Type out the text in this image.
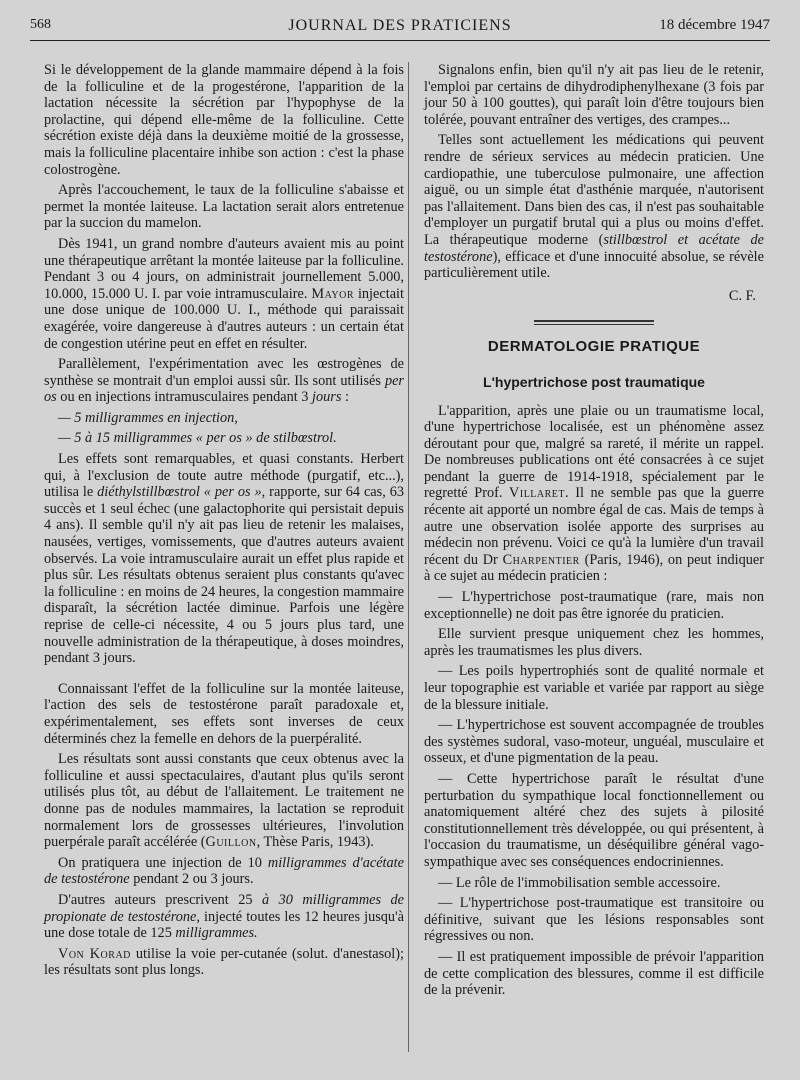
568	JOURNAL DES PRATICIENS	18 décembre 1947

Si le développement de la glande mammaire dépend à la fois de la folliculine et de la progestérone, l'apparition de la lactation nécessite la sécrétion par l'hypophyse de la prolactine, qui dépend elle-même de la folliculine. Cette sécrétion existe déjà dans la deuxième moitié de la grossesse, mais la folliculine placentaire inhibe son action : c'est la phase colostrogène.

Après l'accouchement, le taux de la folliculine s'abaisse et permet la montée laiteuse. La lactation serait alors entretenue par la succion du mamelon.

Dès 1941, un grand nombre d'auteurs avaient mis au point une thérapeutique arrêtant la montée laiteuse par la folliculine. Pendant 3 ou 4 jours, on administrait journellement 5.000, 10.000, 15.000 U. I. par voie intramusculaire. Mayor injectait une dose unique de 100.000 U. I., méthode qui paraissait exagérée, voire dangereuse à d'autres auteurs : un certain état de congestion utérine peut en effet en résulter.

Parallèlement, l'expérimentation avec les œstrogènes de synthèse se montrait d'un emploi aussi sûr. Ils sont utilisés per os ou en injections intramusculaires pendant 3 jours :

— 5 milligrammes en injection,

— 5 à 15 milligrammes « per os » de stilbœstrol.

Les effets sont remarquables, et quasi constants. Herbert qui, à l'exclusion de toute autre méthode (purgatif, etc...), utilisa le diéthylstillbœstrol « per os », rapporte, sur 64 cas, 63 succès et 1 seul échec (une galactophorite qui persistait depuis 4 ans). Il semble qu'il n'y ait pas lieu de retenir les malaises, nausées, vertiges, vomissements, que d'autres auteurs avaient observés. La voie intramusculaire aurait un effet plus rapide et plus sûr. Les résultats obtenus seraient plus constants qu'avec la folliculine : en moins de 24 heures, la congestion mammaire disparaît, la sécrétion lactée diminue. Parfois une légère reprise de celle-ci nécessite, 4 ou 5 jours plus tard, une nouvelle administration de la thérapeutique, à doses moindres, pendant 3 jours.

Connaissant l'effet de la folliculine sur la montée laiteuse, l'action des sels de testostérone paraît paradoxale et, expérimentalement, ses effets sont inverses de ceux déterminés chez la femelle en dehors de la puerpéralité.

Les résultats sont aussi constants que ceux obtenus avec la folliculine et aussi spectaculaires, d'autant plus qu'ils seront utilisés plus tôt, au début de l'allaitement. Le traitement ne donne pas de nodules mammaires, la lactation se reproduit normalement lors de grossesses ultérieures, l'involution puerpérale paraît accélérée (Guillon, Thèse Paris, 1943).

On pratiquera une injection de 10 milligrammes d'acétate de testostérone pendant 2 ou 3 jours.

D'autres auteurs prescrivent 25 à 30 milligrammes de propionate de testostérone, injecté toutes les 12 heures jusqu'à une dose totale de 125 milligrammes.

Von Korad utilise la voie per-cutanée (solut. d'anestasol); les résultats sont plus longs.

Signalons enfin, bien qu'il n'y ait pas lieu de le retenir, l'emploi par certains de dihydrodiphenylhexane (3 fois par jour 50 à 100 gouttes), qui paraît loin d'être toujours bien tolérée, pouvant entraîner des vertiges, des crampes...

Telles sont actuellement les médications qui peuvent rendre de sérieux services au médecin praticien. Une cardiopathie, une tuberculose pulmonaire, une affection aiguë, ou un simple état d'asthénie marquée, n'autorisent pas l'allaitement. Dans bien des cas, il n'est pas souhaitable d'employer un purgatif brutal qui a plus ou moins d'effet. La thérapeutique moderne (stillbœstrol et acétate de testostérone), efficace et d'une innocuité absolue, se révèle particulièrement utile.

C. F.
DERMATOLOGIE PRATIQUE
L'hypertrichose post traumatique

L'apparition, après une plaie ou un traumatisme local, d'une hypertrichose localisée, est un phénomène assez déroutant pour que, malgré sa rareté, il mérite un rappel. De nombreuses publications ont été consacrées à ce sujet pendant la guerre de 1914-1918, spécialement par le regretté Prof. Villaret. Il ne semble pas que la guerre récente ait apporté un nombre égal de cas. Mais de temps à autre une observation isolée apporte des surprises au médecin non prévenu. Voici ce qu'à la lumière d'un travail récent du Dr Charpentier (Paris, 1946), on peut indiquer à ce sujet au médecin praticien :

— L'hypertrichose post-traumatique (rare, mais non exceptionnelle) ne doit pas être ignorée du praticien.

Elle survient presque uniquement chez les hommes, après les traumatismes les plus divers.

— Les poils hypertrophiés sont de qualité normale et leur topographie est variable et variée par rapport au siège de la blessure initiale.

— L'hypertrichose est souvent accompagnée de troubles des systèmes sudoral, vaso-moteur, unguéal, musculaire et osseux, et d'une pigmentation de la peau.

— Cette hypertrichose paraît le résultat d'une perturbation du sympathique local fonctionnellement ou anatomiquement altéré chez des sujets à pilosité constitutionnellement très développée, ou qui présentent, à l'occasion du traumatisme, un déséquilibre général vago-sympathique avec ses conséquences endocriniennes.

— Le rôle de l'immobilisation semble accessoire.

— L'hypertrichose post-traumatique est transitoire ou définitive, suivant que les lésions responsables sont régressives ou non.

— Il est pratiquement impossible de prévoir l'apparition de cette complication des blessures, comme il est difficile de la prévenir.
